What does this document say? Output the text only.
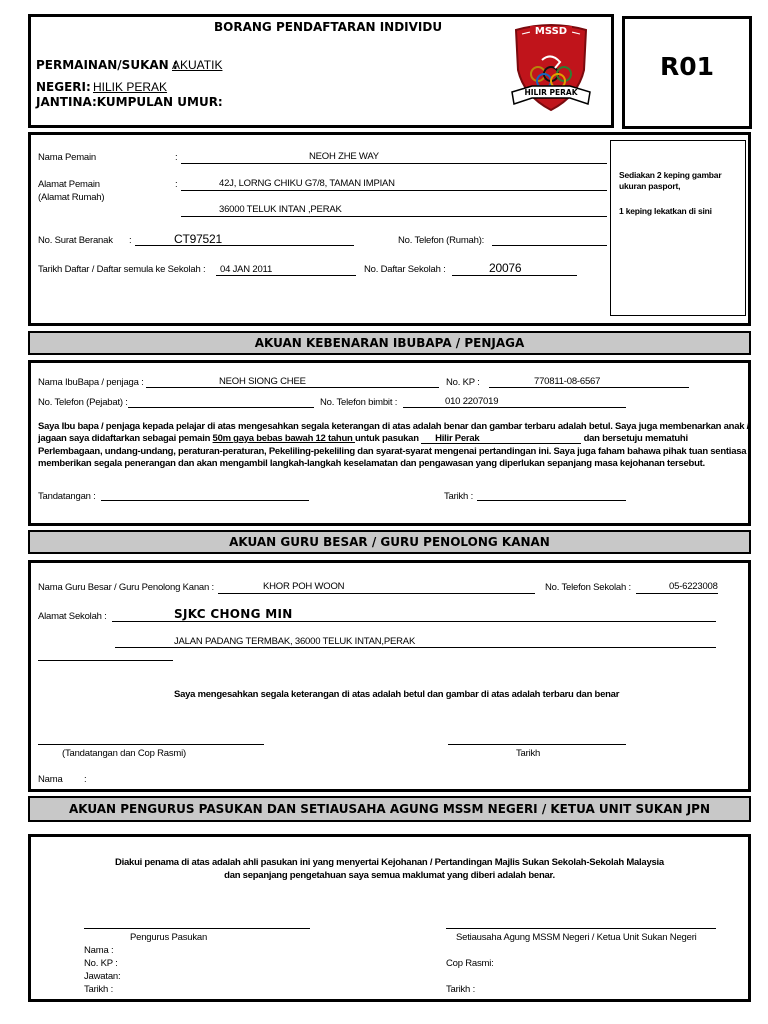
BORANG PENDAFTARAN INDIVIDU
PERMAINAN/SUKAN :
AKUATIK
NEGERI: HILIK PERAK
JANTINA:KUMPULAN UMUR:
MSSD
HILIR PERAK
R01
Nama Pemain	:	NEOH ZHE WAY
Alamat Pemain
(Alamat Rumah)
:	42J, LORNG CHIKU G7/8, TAMAN IMPIAN
36000 TELUK INTAN ,PERAK
No. Surat Beranak :	CT97521	No. Telefon (Rumah):
Tarikh Daftar / Daftar semula ke Sekolah : 04 JAN 2011	No. Daftar Sekolah :	20076
Sediakan 2 keping gambar
ukuran pasport,
1 keping lekatkan di sini
AKUAN KEBENARAN IBUBAPA / PENJAGA
Nama IbuBapa / penjaga :	NEOH SIONG CHEE	No. KP :	770811-08-6567
No. Telefon (Pejabat) :	No. Telefon bimbit :	010 2207019
Saya Ibu bapa / penjaga kepada pelajar di atas mengesahkan segala keterangan di atas adalah benar dan gambar terbaru adalah betul. Saya juga membenarkan anak /
jagaan saya didaftarkan sebagai pemain 50m gaya bebas bawah 12 tahun untuk pasukan Hilir Perak	dan bersetuju mematuhi
Perlembagaan, undang-undang, peraturan-peraturan, Pekeliling-pekeliling dan syarat-syarat mengenai pertandingan ini. Saya juga faham bahawa pihak tuan sentiasa
memberikan segala penerangan dan akan mengambil langkah-langkah keselamatan dan pengawasan yang diperlukan sepanjang masa kejohanan tersebut.
Tandatangan :	Tarikh :
AKUAN GURU BESAR / GURU PENOLONG KANAN
Nama Guru Besar / Guru Penolong Kanan :	KHOR POH WOON	No. Telefon Sekolah :	05-6223008
Alamat Sekolah :	SJKC CHONG MIN
JALAN PADANG TERMBAK, 36000 TELUK INTAN,PERAK
Saya mengesahkan segala keterangan di atas adalah betul dan gambar di atas adalah terbaru dan benar
(Tandatangan dan Cop Rasmi)	Tarikh
Nama :
AKUAN PENGURUS PASUKAN DAN SETIAUSAHA AGUNG MSSM NEGERI / KETUA UNIT SUKAN JPN
Diakui penama di atas adalah ahli pasukan ini yang menyertai Kejohanan / Pertandingan Majlis Sukan Sekolah-Sekolah Malaysia
dan sepanjang pengetahuan saya semua maklumat yang diberi adalah benar.
Pengurus Pasukan
Nama :
No. KP :
Jawatan:
Tarikh :
Setiausaha Agung MSSM Negeri / Ketua Unit Sukan Negeri
Cop Rasmi:
Tarikh :
